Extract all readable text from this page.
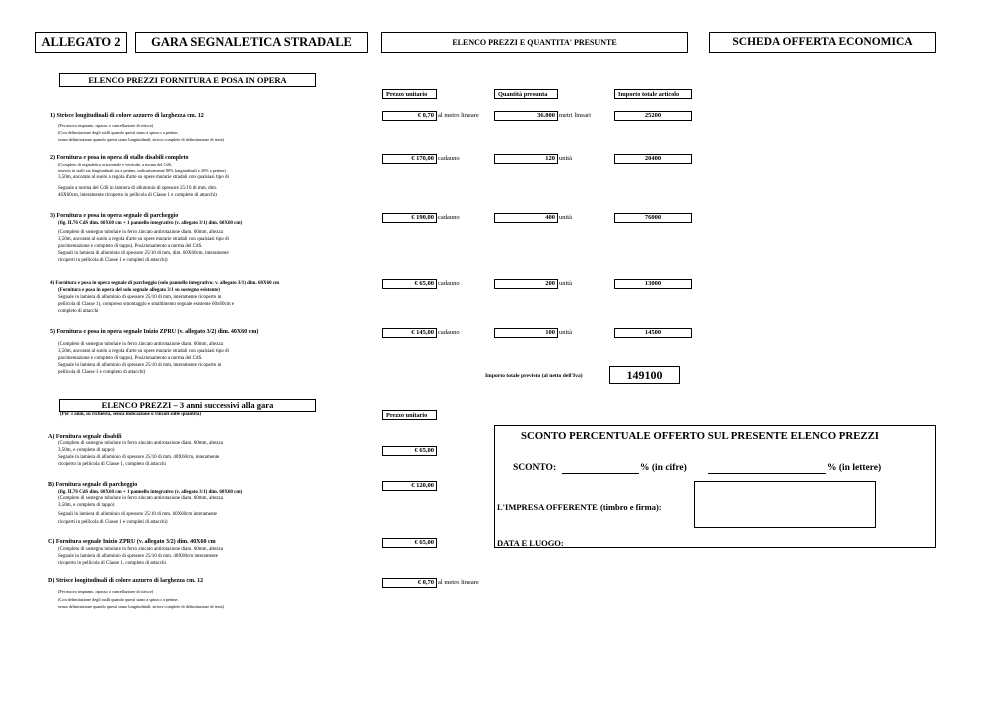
ALLEGATO 2	GARA SEGNALETICA STRADALE	ELENCO PREZZI E QUANTITA' PRESUNTE	SCHEDA OFFERTA ECONOMICA
ELENCO PREZZI FORNITURA E POSA IN OPERA
Prezzo unitario	Quantità presunta	Importo totale articolo
1) Strisce longitudinali di colore azzurro di larghezza cm. 12
(Per nuovo impianto, ripasso o cancellazione di strisce)
(Con delimitazione degli stalli quando questi siano a spina o a pettine,
senza delimitazione quando questi siano longitudinali; strisce complete di delimitazione di testa)
€ 0,70 al metro lineare	36.000 metri lineari	25200
2) Fornitura e posa in opera di stallo disabili completo
(Completo di segnaletica orizzontale e verticale, a norma del CdS,
inserito in stalli sia longitudinali sia a pettine, indicativamente 80% longitudinali e 20% a pettine)
3,50m, ancorato al suolo a regola d'arte su opere murarie stradali con qualsiasi tipo di
Segnale a norma del CdS in lamiera di alluminio di spessore 25/10 di mm, dim.
40X60cm, interamente ricoperto in pellicola di Classe 1 e completo di attacchi)
€ 170,00 cadauno	120 unità	20400
3) Fornitura e posa in opera segnale di parcheggio
(fig. II.76 CdS dim. 60X60 cm + 1 pannello integrativo (v. allegato 3/1) dim. 60X60 cm)
(Completo di sostegno tubolare in ferro zincato antirotazione diam. 60mm, altezza
3,50m, ancorato al suolo a regola d'arte su opere murarie stradali con qualsiasi tipo di
pavimentazione e completo di tappo). Posizionamento a norma del CdS.
Segnali in lamiera di alluminio di spessore 25/10 di mm, dim. 60X60cm, interamente
ricoperti in pellicola di Classe 1 e completi di attacchi)
€ 190,00 cadauno	400 unità	76000
4) Fornitura e posa in opera segnale di parcheggio (solo pannello integrativo: v. allegato 3/1) dim. 60X60 cm
(Fornitura e posa in opera del solo segnale allegato 3/1 su sostegno esistente)
Segnale in lamiera di alluminio di spessore 25/10 di mm, interamente ricoperto in
pellicola di Classe 1), compreso smontaggio e smaltimento segnale esistente 60x60cm e
completo di attacchi
€ 65,00 cadauno	200 unità	13000
5) Fornitura e posa in opera segnale Inizio ZPRU (v. allegato 3/2) dim. 40X60 cm)
(Completo di sostegno tubolare in ferro zincato antirotazione diam. 60mm, altezza
3,50m, ancorato al suolo a regola d'arte su opere murarie stradali con qualsiasi tipo di
pavimentazione e completo di tappo). Posizionamento a norma del CdS.
Segnale in lamiera di alluminio di spessore 25/10 di mm, interamente ricoperto in
pellicola di Classe 1 e completo di attacchi)
€ 145,00 cadauno	100 unità	14500
Importo totale previsto (al netto dell'Iva)	149100
ELENCO PREZZI – 3 anni successivi alla gara
(Per 3 anni, su richiesta, senza indicazione o vincoli sulle quantità)	Prezzo unitario
A) Fornitura segnale disabili
(Completo di sostegno tubolare in ferro zincato antirotazione diam. 60mm, altezza
3,50m, e completo di tappo)
Segnale in lamiera di alluminio di spessore 25/10 di mm. 40X60cm, interamente
ricoperto in pellicola di Classe 1, completo di attacchi
€ 65,00
B) Fornitura segnale di parcheggio
(fig. II.76 CdS dim. 60X60 cm + 1 pannello integrativo (v. allegato 3/1) dim. 60X60 cm)
(Completo di sostegno tubolare in ferro zincato antirotazione diam. 60mm, altezza
3,50m, e completo di tappo)
Segnali in lamiera di alluminio di spessore 25/10 di mm. 60X60cm interamente
ricoperti in pellicola di Classe 1 e completi di attacchi)
€ 120,00
C) Fornitura segnale Inizio ZPRU (v. allegato 3/2) dim. 40X60 cm
(Completo di sostegno tubolare in ferro zincato antirotazione diam. 60mm, altezza
Segnale in lamiera di alluminio di spessore 25/10 di mm. 40X60cm interamente
ricoperto in pellicola di Classe 1, completo di attacchi
€ 65,00
D) Strisce longitudinali di colore azzurro di larghezza cm. 12
(Per nuovo impianto, ripasso o cancellazione di strisce)
(Con delimitazione degli stalli quando questi siano a spina o a pettine,
senza delimitazione quando questi siano longitudinali; strisce complete di delimitazione di testa)
€ 0,70 al metro lineare
SCONTO PERCENTUALE OFFERTO SUL PRESENTE ELENCO PREZZI
SCONTO:	% (in cifre)	% (in lettere)
L'IMPRESA OFFERENTE (timbro e firma):
DATA E LUOGO:
